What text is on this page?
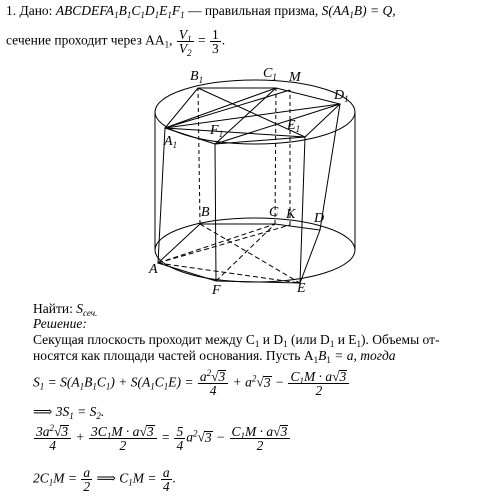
1. Дано: $ABCDEFA_1B_1C_1D_1E_1F_1$ — правильная призма, $S(AA_1B) = Q$,
сечение проходит через $AA_1$, $\frac{V_1}{V_2} = \frac{1}{3}$ .
$B_1$	$C_1$ M
$D_1$
$A_1$
$F_1$
$E_1$
B	C K D
A
F	E
Найти: $S_{сеч.}$
Решение:
Секущая плоскость проходит между $C_1$ и $D_1$ (или $D_1$ и $E_1$). Объемы от-
носятся как площади частей основания. Пусть $A_1B_1 = a$, тогда
$S_1 = S(A_1B_1C_1) + S(A_1C_1E) = \frac{a^2√3}{4} + a^2√3 - \frac{C_1M \cdot a√3}{2}$
⟹ $3S_1 = S_2$.
$\frac{3a^2√3}{4} + \frac{3C_1M \cdot a√3}{2} = \frac{5}{4} a^2√3 - \frac{C_1M \cdot a√3}{2}$
$2C_1M = \frac{a}{2}$ ⟹ $C_1M = \frac{a}{4}$ .
